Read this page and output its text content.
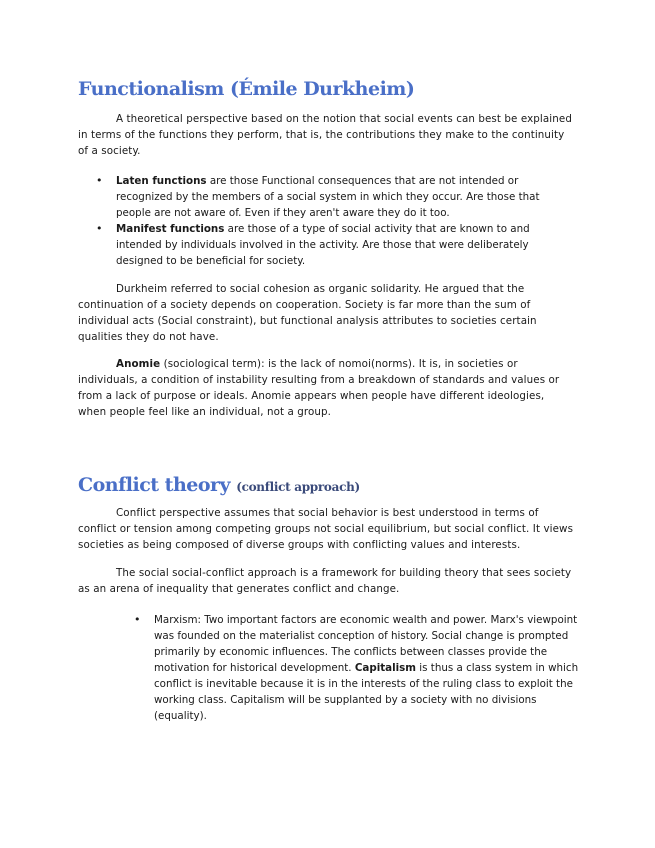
Functionalism (Émile Durkheim)

A theoretical perspective based on the notion that social events can best be explained in terms of the functions they perform, that is, the contributions they make to the continuity of a society.

• Laten functions are those Functional consequences that are not intended or recognized by the members of a social system in which they occur. Are those that people are not aware of. Even if they aren't aware they do it too.
• Manifest functions are those of a type of social activity that are known to and intended by individuals involved in the activity. Are those that were deliberately designed to be beneficial for society.

Durkheim referred to social cohesion as organic solidarity. He argued that the continuation of a society depends on cooperation. Society is far more than the sum of individual acts (Social constraint), but functional analysis attributes to societies certain qualities they do not have.

Anomie (sociological term): is the lack of nomoi(norms). It is, in societies or individuals, a condition of instability resulting from a breakdown of standards and values or from a lack of purpose or ideals. Anomie appears when people have different ideologies, when people feel like an individual, not a group.

Conflict theory (conflict approach)

Conflict perspective assumes that social behavior is best understood in terms of conflict or tension among competing groups not social equilibrium, but social conflict. It views societies as being composed of diverse groups with conflicting values and interests.

The social social-conflict approach is a framework for building theory that sees society as an arena of inequality that generates conflict and change.

• Marxism: Two important factors are economic wealth and power. Marx's viewpoint was founded on the materialist conception of history. Social change is prompted primarily by economic influences. The conflicts between classes provide the motivation for historical development. Capitalism is thus a class system in which conflict is inevitable because it is in the interests of the ruling class to exploit the working class. Capitalism will be supplanted by a society with no divisions (equality).
